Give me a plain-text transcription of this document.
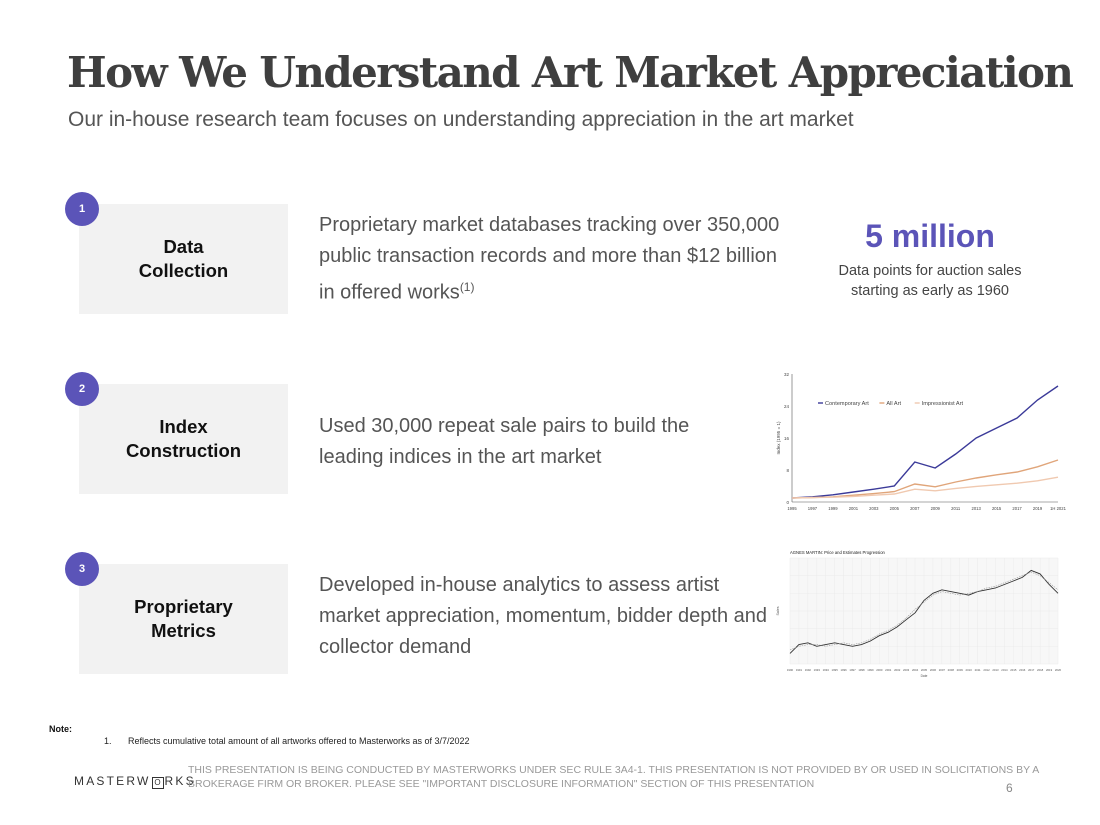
How We Understand Art Market Appreciation
Our in-house research team focuses on understanding appreciation in the art market
Data
Collection
1
Proprietary market databases tracking over 350,000 public transaction records and more than $12 billion in offered works$^{(1)}$
5 million
Data points for auction sales
starting as early as 1960
Index
Construction
2
Used 30,000 repeat sale pairs to build the leading indices in the art market
Proprietary
Metrics
3
Developed in-house analytics to assess artist market appreciation, momentum, bidder depth and collector demand
0
8
16
24
32
1995	1997	1999	2001	2003	2005	2007	2009	2011	2013	2015	2017	2019 1H 2021
Index (1995 = 1)
Contemporary Art	All Art	Impressionist Art
AGNES MARTIN: Price and Estimates Progression
1990 1991 1992 1993 1994 1995 1996 1997 1998 1999 2000 2001 2002 2003 2004 2005 2006 2007 2008 2009 2010 2011 2012 2013 2014 2015 2016 2017 2018 2019 2020
Date
Sales
Note:
1. Reflects cumulative total amount of all artworks offered to Masterworks as of 3/7/2022
MASTERW O RKS
THIS PRESENTATION IS BEING CONDUCTED BY MASTERWORKS UNDER SEC RULE 3A4-1. THIS PRESENTATION IS NOT PROVIDED BY OR USED IN SOLICITATIONS BY A BROKERAGE FIRM OR BROKER. PLEASE SEE "IMPORTANT DISCLOSURE INFORMATION" SECTION OF THIS PRESENTATION	6
